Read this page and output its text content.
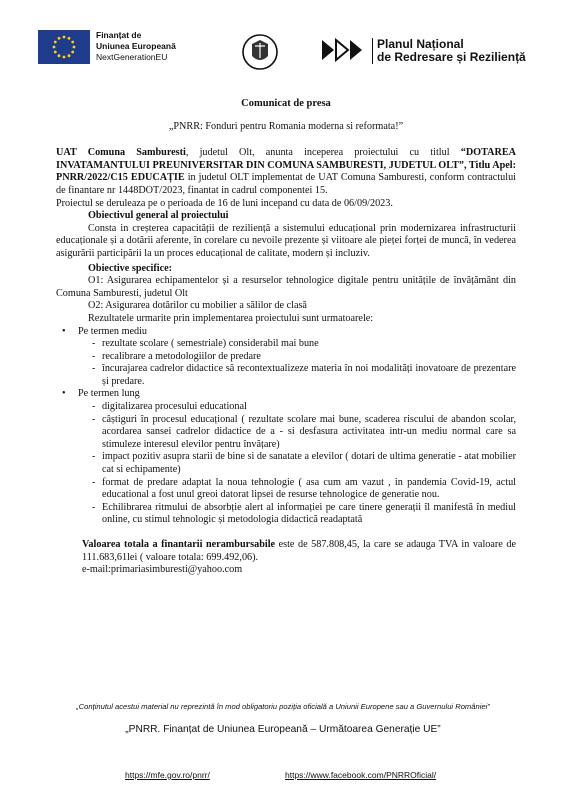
Finanțat de
Uniunea Europeană
NextGenerationEU
Planul Național
de Redresare și Reziliență
Comunicat de presa
„PNRR: Fonduri pentru Romania moderna si reformata!”

UAT Comuna Samburesti, judetul Olt, anunta inceperea proiectului cu titlul “DOTAREA INVATAMANTULUI PREUNIVERSITAR DIN COMUNA SAMBURESTI, JUDETUL OLT”, Titlu Apel: PNRR/2022/C15 EDUCAȚIE in judetul OLT implementat de UAT Comuna Samburesti, conform contractului de finantare nr 1448DOT/2023, finantat in cadrul componentei 15.

Proiectul se deruleaza pe o perioada de 16 de luni incepand cu data de 06/09/2023.

Obiectivul general al proiectului

Consta in creșterea capacității de reziliență a sistemului educațional prin modernizarea infrastructurii educaționale și a dotării aferente, în corelare cu nevoile prezente și viitoare ale pieței forței de muncă, în vederea asigurării participării la un proces educațional de calitate, modern și incluziv.

Obiective specifice:

O1: Asigurarea echipamentelor și a resurselor tehnologice digitale pentru unitățile de învățământ din Comuna Samburesti, judetul Olt

O2: Asigurarea dotărilor cu mobilier a sălilor de clasă

Rezultatele urmarite prin implementarea proiectului sunt urmatoarele:

• Pe termen mediu
- rezultate scolare ( semestriale) considerabil mai bune
- recalibrare a metodologiilor de predare
- încurajarea cadrelor didactice să recontextualizeze materia în noi modalități inovatoare de prezentare și predare.
• Pe termen lung
- digitalizarea procesului educational
- câștiguri în procesul educațional ( rezultate scolare mai bune, scaderea riscului de abandon scolar, acordarea sansei cadrelor didactice de a - si desfasura activitatea intr-un mediu normal care sa stimuleze interesul elevilor pentru învățare)
- impact pozitiv asupra starii de bine si de sanatate a elevilor ( dotari de ultima generatie - atat mobilier cat si echipamente)
- format de predare adaptat la noua tehnologie ( asa cum am vazut , in pandemia Covid-19, actul educational a fost unul greoi datorat lipsei de resurse tehnologice de generatie nou.
- Echilibrarea ritmului de absorbție alert al informației pe care tinere generații îl manifestă în mediul online, cu stimul tehnologic și metodologia didactică readaptată

Valoarea totala a finantarii nerambursabile este de 587.808,45, la care se adauga TVA in valoare de 111.683,61lei ( valoare totala: 699.492,06).

e-mail:primariasimburesti@yahoo.com

„Conținutul acestui material nu reprezintă în mod obligatoriu poziția oficială a Uniunii Europene sau a Guvernului României”
„PNRR. Finanțat de Uniunea Europeană – Următoarea Generație UE”
https://mfe.gov.ro/pnrr/	https://www.facebook.com/PNRROficial/
